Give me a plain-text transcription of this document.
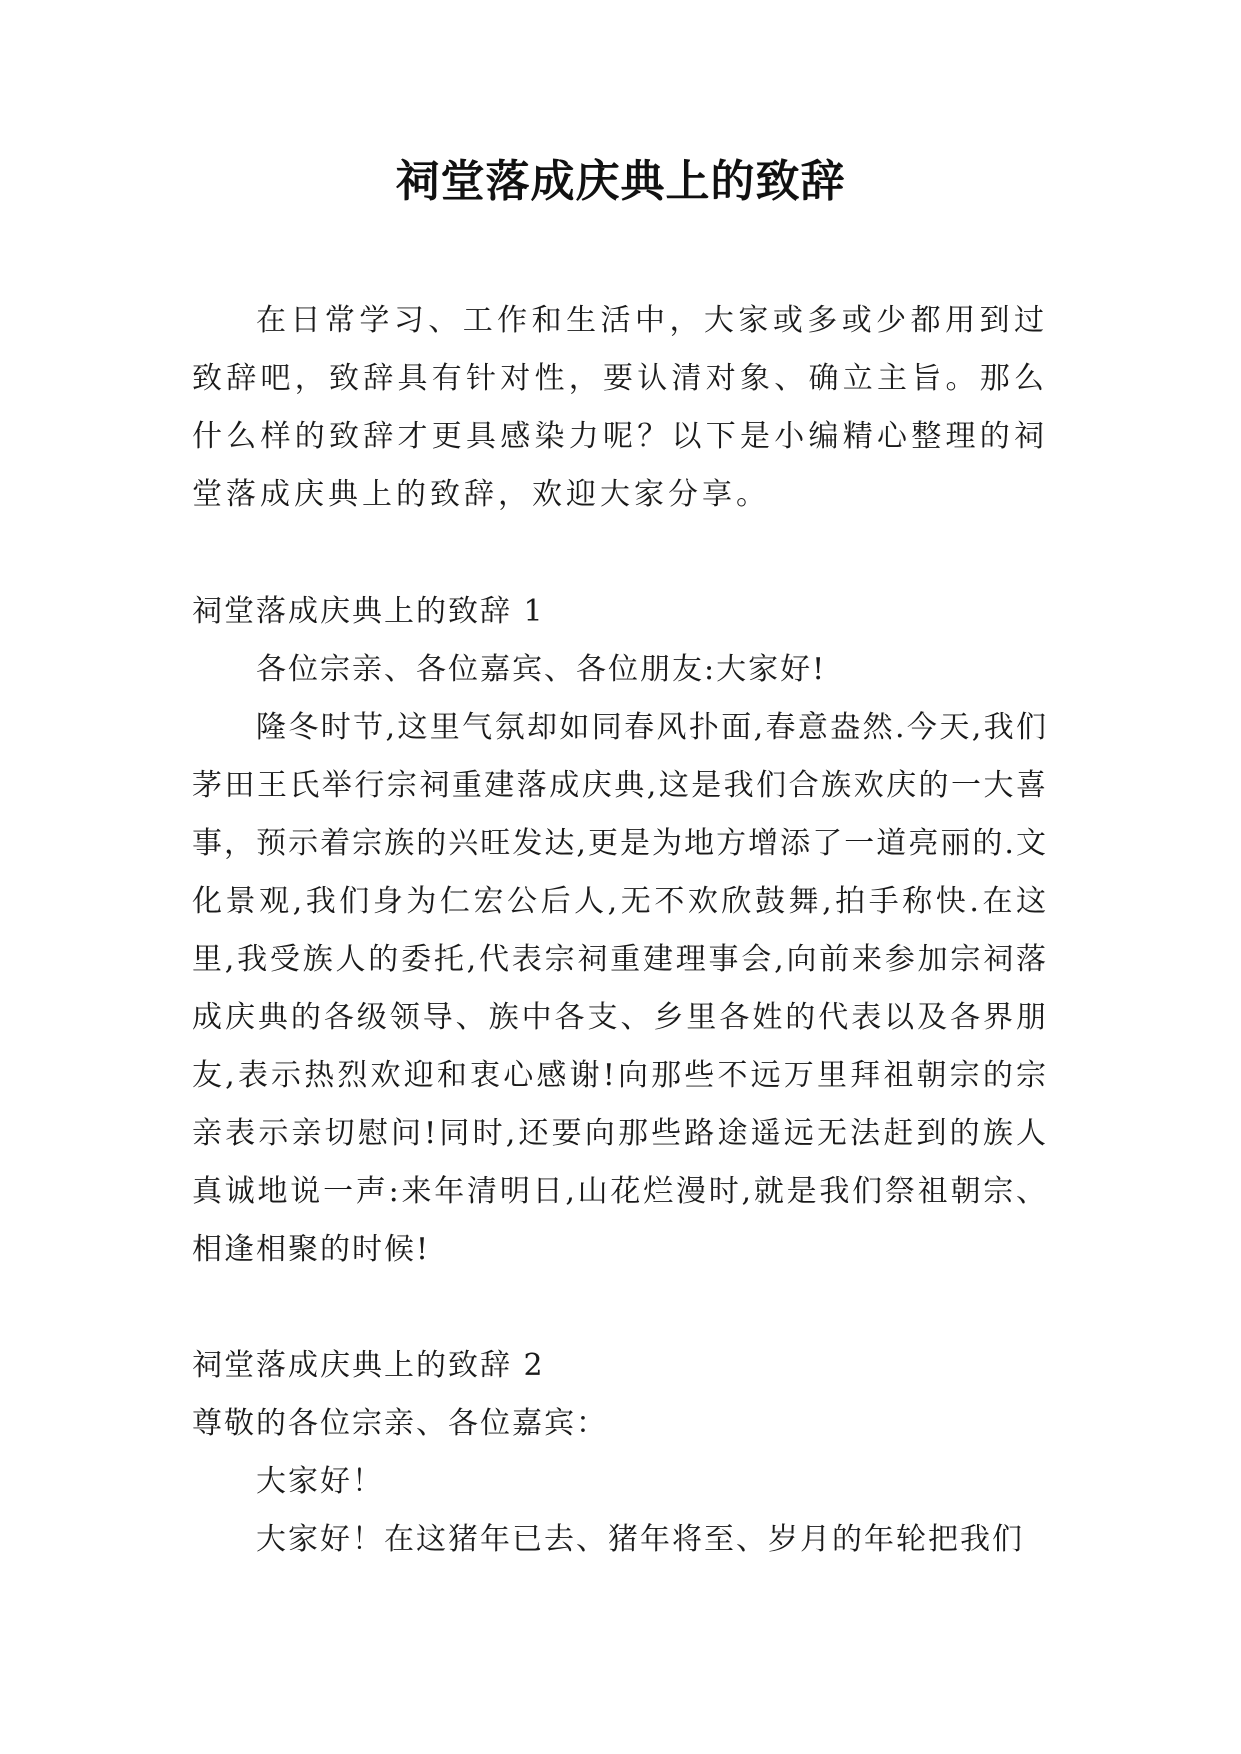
祠堂落成庆典上的致辞

在日常学习、工作和生活中，大家或多或少都用到过致辞吧，致辞具有针对性，要认清对象、确立主旨。那么什么样的致辞才更具感染力呢？以下是小编精心整理的祠堂落成庆典上的致辞，欢迎大家分享。

祠堂落成庆典上的致辞 1

各位宗亲、各位嘉宾、各位朋友:大家好!

隆冬时节,这里气氛却如同春风扑面,春意盎然.今天,我们茅田王氏举行宗祠重建落成庆典,这是我们合族欢庆的一大喜事，预示着宗族的兴旺发达,更是为地方增添了一道亮丽的.文化景观,我们身为仁宏公后人,无不欢欣鼓舞,拍手称快.在这里,我受族人的委托,代表宗祠重建理事会,向前来参加宗祠落成庆典的各级领导、族中各支、乡里各姓的代表以及各界朋友,表示热烈欢迎和衷心感谢!向那些不远万里拜祖朝宗的宗亲表示亲切慰问!同时,还要向那些路途遥远无法赶到的族人真诚地说一声:来年清明日,山花烂漫时,就是我们祭祖朝宗、相逢相聚的时候!

祠堂落成庆典上的致辞 2

尊敬的各位宗亲、各位嘉宾：

大家好！

大家好！在这猪年已去、猪年将至、岁月的年轮把我们
